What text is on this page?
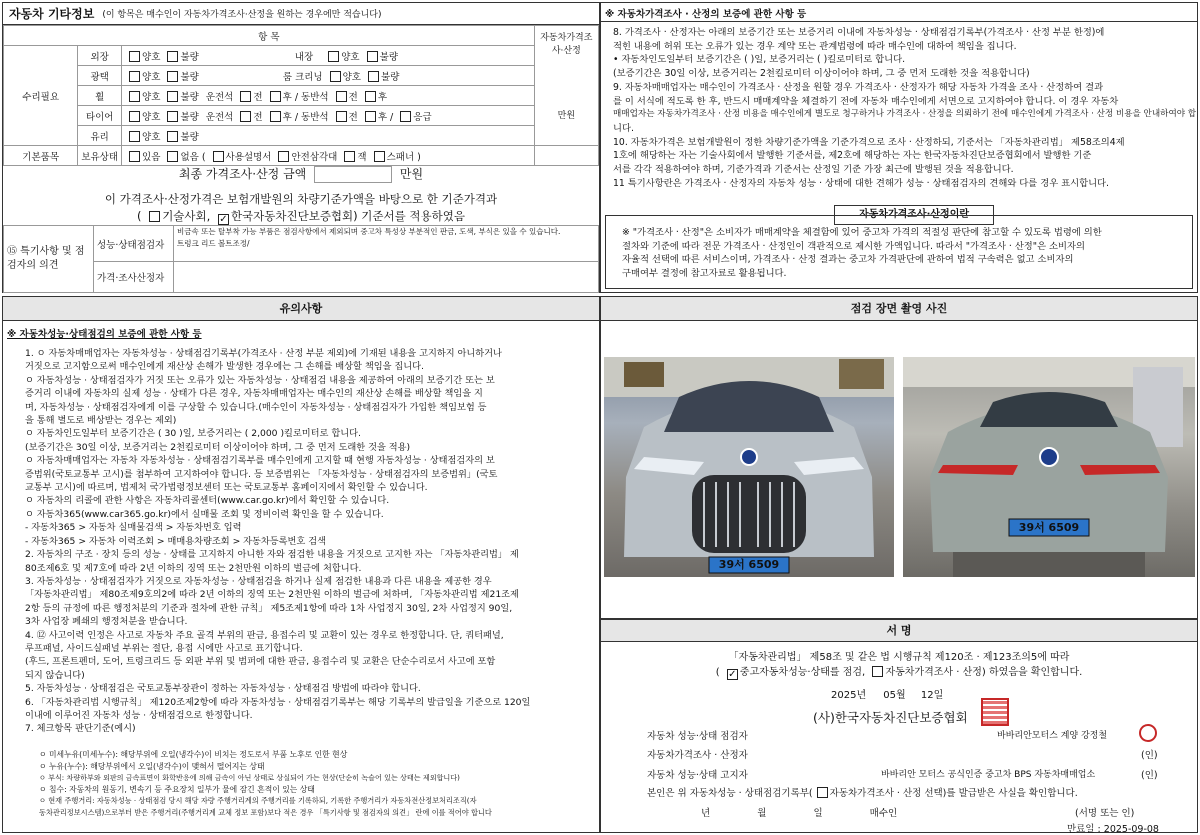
자동차 기타정보 (이 항목은 매수인이 자동차가격조사·산정을 원하는 경우에만 적습니다)
항 목			자동차가격조사·산정
만원

수리필요	외장	양호 불량 내장 양호 불량	
	광택	양호 불량 룸 크리닝 양호 불량	
	휠	양호 불량 운전석 전 후 / 동반석 전 후	
	타이어	양호 불량 운전석 전 후 / 동반석 전 후 / 응급	
	유리	양호 불량	
기본품목	보유상태	있음 없음 ( 사용설명서 안전삼각대 잭 스패너 )	
최종 가격조사·산정 금액	만원
이 가격조사·산정가격은 보험개발원의 차량기준가액을 바탕으로 한 기준가격과
( 기술사회, ✓한국자동차진단보증협회) 기준서를 적용하였음
⑮ 특기사항 및 점검자의 의견	성능·상태점검자	비금속 또는 탈부착 가능 부품은 점검사항에서 제외되며 중고차 특성상 부분적인 판금, 도색, 부식은 있을 수 있습니다.
트렁크 리드 볼트조정/

	가격·조사산정자	
※ 자동차가격조사 · 산정의 보증에 관한 사항 등

8. 가격조사 · 산정자는 아래의 보증기간 또는 보증거리 이내에 자동차성능 · 상태점검기록부(가격조사 · 산정 부분 한정)에

적힌 내용에 허위 또는 오류가 있는 경우 계약 또는 관계법령에 따라 매수인에 대하여 책임을 집니다.

• 자동차인도일부터 보증기간은 ( )일, 보증거리는 ( )킬로미터로 합니다.

(보증기간은 30일 이상, 보증거리는 2천킬로미터 이상이어야 하며, 그 중 먼저 도래한 것을 적용합니다)

9. 자동차매매업자는 매수인이 가격조사 · 산정을 원할 경우 가격조사 · 산정자가 해당 자동차 가격을 조사 · 산정하여 결과

를 이 서식에 적도록 한 후, 반드시 매매계약을 체결하기 전에 자동차 매수인에게 서면으로 고지하여야 합니다. 이 경우 자동차

매매업자는 자동차가격조사 · 산정 비용을 매수인에게 별도로 청구하거나 가격조사 · 산정을 의뢰하기 전에 매수인에게 가격조사 · 산정 비용을 안내하여야 합

니다.

10. 자동차가격은 보험개발원이 정한 차량기준가액을 기준가격으로 조사 · 산정하되, 기준서는 「자동차관리법」 제58조의4제

1호에 해당하는 자는 기술사회에서 발행한 기준서를, 제2호에 해당하는 자는 한국자동차진단보증협회에서 발행한 기준

서를 각각 적용하여야 하며, 기준가격과 기준서는 산정일 기준 가장 최근에 발행된 것을 적용합니다.

11 특기사항란은 가격조사 · 산정자의 자동차 성능 · 상태에 대한 견해가 성능 · 상태점검자의 견해와 다를 경우 표시합니다.

자동차가격조사·산정이란

※ "가격조사 · 산정"은 소비자가 매매계약을 체결함에 있어 중고차 가격의 적절성 판단에 참고할 수 있도록 법령에 의한

절차와 기준에 따라 전문 가격조사 · 산정인이 객관적으로 제시한 가액입니다. 따라서 "가격조사 · 산정"은 소비자의

자율적 선택에 따른 서비스이며, 가격조사 · 산정 결과는 중고차 가격판단에 관하여 법적 구속력은 없고 소비자의

구매여부 결정에 참고자료로 활용됩니다.

유의사항
※ 자동차성능·상태점검의 보증에 관한 사항 등

1. ㅇ 자동차매매업자는 자동차성능 · 상태점검기록부(가격조사 · 산정 부분 제외)에 기재된 내용을 고지하지 아니하거나

거짓으로 고지함으로써 매수인에게 재산상 손해가 발생한 경우에는 그 손해를 배상할 책임을 집니다.

ㅇ 자동차성능 · 상태점검자가 거짓 또는 오류가 있는 자동차성능 · 상태점검 내용을 제공하여 아래의 보증기간 또는 보

증거리 이내에 자동차의 실제 성능 · 상태가 다른 경우, 자동차매매업자는 매수인의 재산상 손해를 배상할 책임을 지

며, 자동차성능 · 상태점검자에게 이를 구상할 수 있습니다.(매수인이 자동차성능 · 상태점검자가 가입한 책임보험 등

을 통해 별도로 배상받는 경우는 제외)

ㅇ 자동차인도일부터 보증기간은 ( 30 )일, 보증거리는 ( 2,000 )킬로미터로 합니다.

(보증기간은 30일 이상, 보증거리는 2천킬로미터 이상이어야 하며, 그 중 먼저 도래한 것을 적용)

ㅇ 자동차매매업자는 자동차 자동차성능 · 상태점검기록부를 매수인에게 고지할 때 현행 자동차성능 · 상태점검자의 보

증범위(국토교통부 고시)를 첨부하여 고지하여야 합니다. 등 보증범위는 「자동차성능 · 상태점검자의 보증범위」(국토

교통부 고시)에 따르며, 법제처 국가법령정보센터 또는 국토교통부 홈페이지에서 확인할 수 있습니다.

ㅇ 자동차의 리콜에 관한 사항은 자동차리콜센터(www.car.go.kr)에서 확인할 수 있습니다.

ㅇ 자동차365(www.car365.go.kr)에서 실매물 조회 및 정비이력 확인을 할 수 있습니다.

- 자동차365 > 자동차 실매물검색 > 자동차번호 입력

- 자동차365 > 자동차 이력조회 > 매매용차량조회 > 자동차등록번호 검색

2. 자동차의 구조 · 장치 등의 성능 · 상태를 고지하지 아니한 자와 점검한 내용을 거짓으로 고지한 자는 「자동차관리법」 제

80조제6호 및 제7호에 따라 2년 이하의 징역 또는 2천만원 이하의 벌금에 처합니다.

3. 자동차성능 · 상태점검자가 거짓으로 자동차성능 · 상태점검을 하거나 실제 점검한 내용과 다른 내용을 제공한 경우

「자동차관리법」 제80조제9호의2에 따라 2년 이하의 징역 또는 2천만원 이하의 벌금에 처하며, 「자동차관리법 제21조제

2항 등의 규정에 따른 행정처분의 기준과 절차에 관한 규칙」 제5조제1항에 따라 1차 사업정지 30일, 2차 사업정지 90일,

3차 사업장 폐쇄의 행정처분을 받습니다.

4. ⑫ 사고이력 인정은 사고로 자동차 주요 골격 부위의 판금, 용접수리 및 교환이 있는 경우로 한정합니다. 단, 쿼터패널,

루프패널, 사이드실패널 부위는 절단, 용접 시에만 사고로 표기합니다.

(후드, 프론트펜더, 도어, 트렁크리드 등 외판 부위 및 범퍼에 대한 판금, 용접수리 및 교환은 단순수리로서 사고에 포함

되지 않습니다)

5. 자동차성능 · 상태점검은 국토교통부장관이 정하는 자동차성능 · 상태점검 방법에 따라야 합니다.

6. 「자동차관리법 시행규칙」 제120조제2항에 따라 자동차성능 · 상태점검기록부는 해당 기록부의 발급일을 기준으로 120일

이내에 이루어진 자동차 성능 · 상태점검으로 한정합니다.

7. 체크항목 판단기준(예시)

ㅇ 미세누유(미세누수): 해당부위에 오일(냉각수)이 비치는 정도로서 부품 노후로 인한 현상

ㅇ 누유(누수): 해당부위에서 오일(냉각수)이 맺혀서 떨어지는 상태

ㅇ 부식: 차량하부와 외판의 금속표면이 화학반응에 의해 금속이 아닌 상태로 상실되어 가는 현상(단순히 녹슬어 있는 상태는 제외합니다)

ㅇ 침수: 자동차의 원동기, 변속기 등 주요장치 일부가 물에 잠긴 흔적이 있는 상태

ㅇ 현재 주행거리: 자동차성능 · 상태점검 당시 해당 자량 주행거리계의 주행거리를 기록하되, 기록한 주행거리가 자동차전산정보처리조직(자

동차관리정보시스템)으로부터 받은 주행거리(주행거리계 교체 정보 포함)보다 적은 경우 「특기사항 및 점검자의 의견」 란에 이를 적어야 합니다

점검 장면 촬영 사진
39서 6509
39서 6509
서 명

「자동차관리법」 제58조 및 같은 법 시행규칙 제120조 · 제123조의5에 따라

( ✓중고자동차성능·상태를 점검, 자동차가격조사 · 산정) 하였음을 확인합니다.

2025년 05월 12일

(사)한국자동차진단보증협회

자동차 성능·상태 점검자	바바리안모터스 계양 강정철

자동차가격조사 · 산정자	(인)

자동차 성능·상태 고지자	바바리안 모터스 공식인증 중고차 BPS 자동차매매업소	(인)

본인은 위 자동차성능 · 상태점검기록부( 자동차가격조사 · 산정 선택)를 발급받은 사실을 확인합니다.

년	월	일	매수인	(서명 또는 인)

만료일 : 2025-09-08
